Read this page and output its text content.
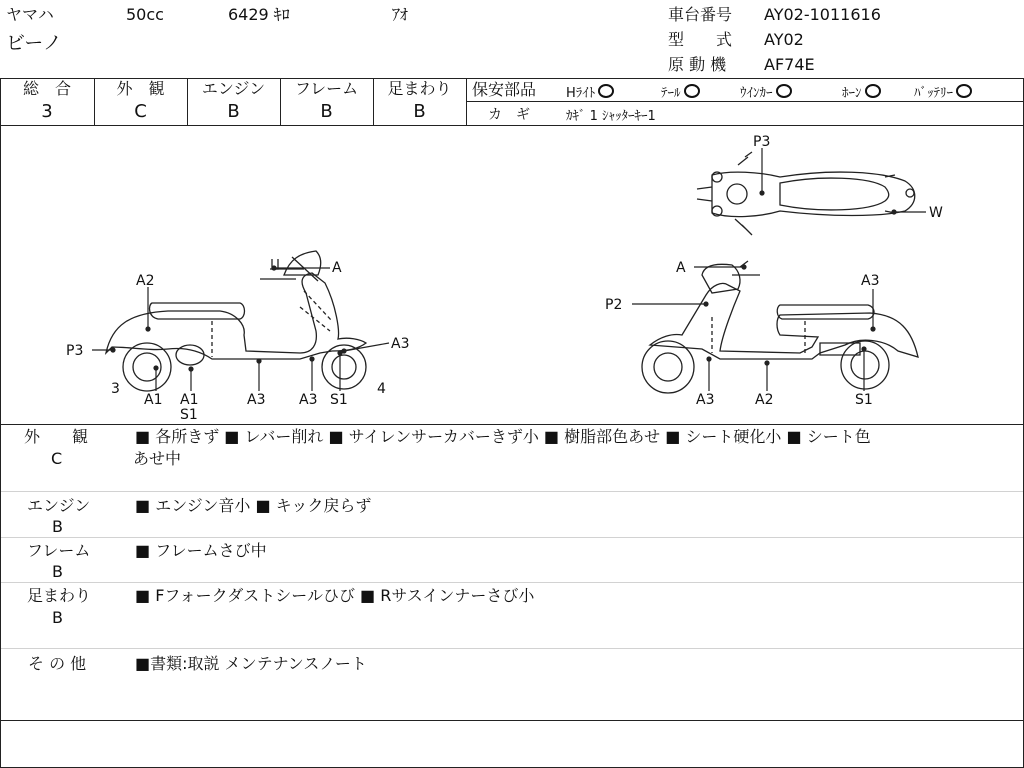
ヤマハ	50cc	6429 ｷﾛ	ｱｵ
ビーノ
車台番号 AY02-1011616
型　　式 AY02
原 動 機 AF74E
総　合
3
外　観
C
エンジン
B
フレーム
B
足まわり
B
保安部品 Hﾗｲﾄ	ﾃｰﾙ	ｳｲﾝｶｰ	ﾎｰﾝ	ﾊﾞｯﾃﾘｰ
カ　ギ	ｶｷﾞ 1 ｼｬｯﾀｰｷｰ1
P3
W
A
A2
P3	A3
3
A1 A1
S1
A3 A3 S1
4
A
A3
P2
A3	A2	S1
外　　観
C
■ 各所きず ■ レバー削れ ■ サイレンサーカバーきず小 ■ 樹脂部色あせ ■ シート硬化小 ■ シート色
あせ中
エンジン
B
■ エンジン音小 ■ キック戻らず
フレーム
B
■ フレームさび中
足まわり
B
■ Fフォークダストシールひび ■ Rサスインナーさび小
そ の 他	■書類:取説 メンテナンスノート
